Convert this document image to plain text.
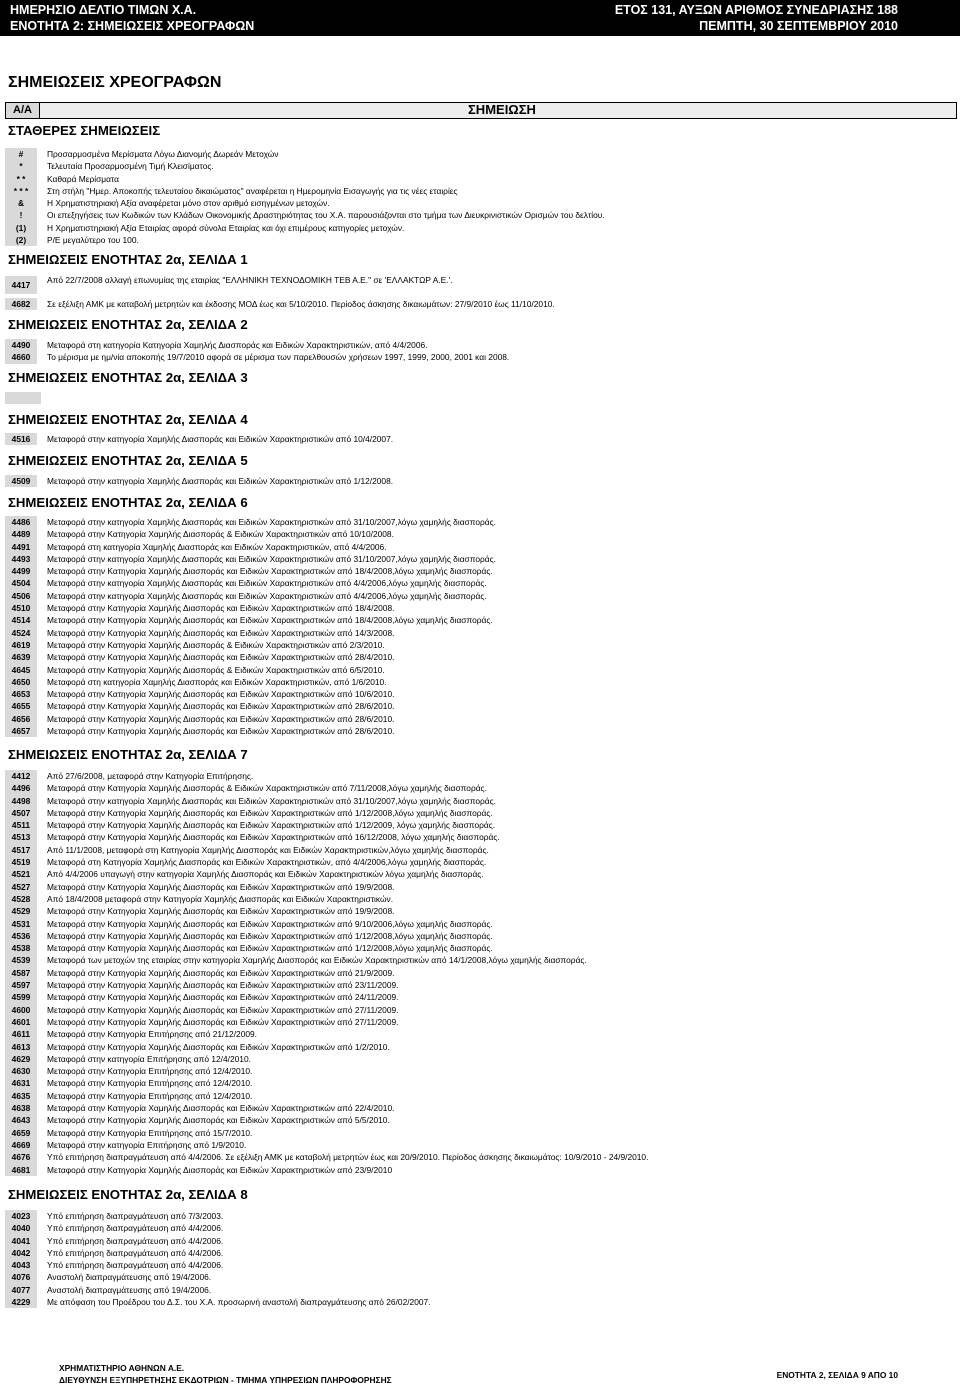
ΗΜΕΡΗΣΙΟ ΔΕΛΤΙΟ ΤΙΜΩΝ Χ.Α.
ΕΝΟΤΗΤΑ 2: ΣΗΜΕΙΩΣΕΙΣ ΧΡΕΟΓΡΑΦΩΝ
ΕΤΟΣ 131, ΑΥΞΩΝ ΑΡΙΘΜΟΣ ΣΥΝΕΔΡΙΑΣΗΣ 188
ΠΕΜΠΤΗ, 30 ΣΕΠΤΕΜΒΡΙΟΥ 2010
ΣΗΜΕΙΩΣΕΙΣ ΧΡΕΟΓΡΑΦΩΝ
Α/Α	ΣΗΜΕΙΩΣΗ
ΣΤΑΘΕΡΕΣ ΣΗΜΕΙΩΣΕΙΣ
#	Προσαρμοσμένα Μερίσματα Λόγω Διανομής Δωρεάν Μετοχών
*	Τελευταία Προσαρμοσμένη Τιμή Κλεισίματος.
* *	Καθαρά Μερίσματα
* * *	Στη στήλη "Ημερ. Αποκοπής τελευταίου δικαιώματος" αναφέρεται η Ημερομηνία Εισαγωγής για τις νέες εταιρίες
&	Η Χρηματιστηριακή Αξία αναφέρεται μόνο στον αριθμό εισηγμένων μετοχών.
!	Οι επεξηγήσεις των Κωδικών των Κλάδων Οικονομικής Δραστηριότητας του Χ.Α. παρουσιάζονται στο τμήμα των Διευκρινιστικών Ορισμών του δελτίου.
(1)	Η Χρηματιστηριακή Αξία Εταιρίας αφορά σύνολα Εταιρίας και όχι επιμέρους κατηγορίες μετοχών.
(2)	Ρ/Ε μεγαλύτερο του 100.
ΣΗΜΕΙΩΣΕΙΣ ΕΝΟΤΗΤΑΣ 2α, ΣΕΛΙΔΑ 1
4417	Από 22/7/2008 αλλαγή επωνυμίας της εταιρίας "ΕΛΛΗΝΙΚΗ ΤΕΧΝΟΔΟΜΙΚΗ ΤΕΒ Α.Ε." σε 'ΕΛΛΑΚΤΩΡ Α.Ε.'.
4682	Σε εξέλιξη ΑΜΚ με καταβολή μετρητών και έκδοσης ΜΟΔ έως και 5/10/2010. Περίοδος άσκησης δικαιωμάτων: 27/9/2010 έως 11/10/2010.
ΣΗΜΕΙΩΣΕΙΣ ΕΝΟΤΗΤΑΣ 2α, ΣΕΛΙΔΑ 2
4490	Μεταφορά στη κατηγορία Κατηγορία Χαμηλής Διασποράς και Ειδικών Χαρακτηριστικών, από 4/4/2006.
4660	Το μέρισμα με ημ/νία αποκοπής 19/7/2010 αφορά σε μέρισμα των παρελθουσών χρήσεων 1997, 1999, 2000, 2001 και 2008.
ΣΗΜΕΙΩΣΕΙΣ ΕΝΟΤΗΤΑΣ 2α, ΣΕΛΙΔΑ 3
ΣΗΜΕΙΩΣΕΙΣ ΕΝΟΤΗΤΑΣ 2α, ΣΕΛΙΔΑ 4
4516	Μεταφορά στην κατηγορία Χαμηλής Διασποράς και Ειδικών Χαρακτηριστικών από 10/4/2007.
ΣΗΜΕΙΩΣΕΙΣ ΕΝΟΤΗΤΑΣ 2α, ΣΕΛΙΔΑ 5
4509	Μεταφορά στην κατηγορία Χαμηλής Διασποράς και Ειδικών Χαρακτηριστικών από 1/12/2008.
ΣΗΜΕΙΩΣΕΙΣ ΕΝΟΤΗΤΑΣ 2α, ΣΕΛΙΔΑ 6
4486	Μεταφορά στην κατηγορία Χαμηλής Διασποράς και Ειδικών Χαρακτηριστικών από 31/10/2007,λόγω χαμηλής διασποράς.
4489	Μεταφορά στην Κατηγορία Χαμηλής Διασποράς & Ειδικών Χαρακτηριστικών από 10/10/2008.
4491	Μεταφορά στη κατηγορία Χαμηλής Διασποράς και Ειδικών Χαρακτηριστικών, από 4/4/2006.
4493	Μεταφορά στην κατηγορία Χαμηλής Διασποράς και Ειδικών Χαρακτηριστικών από 31/10/2007,λόγω χαμηλής διασποράς.
4499	Μεταφορά στην Κατηγορία Χαμηλής Διασποράς και Ειδικών Χαρακτηριστικών από 18/4/2008,λόγω χαμηλής διασποράς.
4504	Μεταφορά στην κατηγορία Χαμηλής Διασποράς και Ειδικών Χαρακτηριστικών από 4/4/2006,λόγω χαμηλής διασποράς.
4506	Μεταφορά στην κατηγορία Χαμηλής Διασποράς και Ειδικών Χαρακτηριστικών από 4/4/2006,λόγω χαμηλής διασποράς.
4510	Μεταφορά στην Κατηγορία Χαμηλής Διασποράς και Ειδικών Χαρακτηριστικών από 18/4/2008.
4514	Μεταφορά στην Κατηγορία Χαμηλής Διασποράς και Ειδικών Χαρακτηριστικών από 18/4/2008,λόγω χαμηλής διασποράς.
4524	Μεταφορά στην Κατηγορία Χαμηλής Διασποράς και Ειδικών Χαρακτηριστικών από 14/3/2008.
4619	Μεταφορά στην Κατηγορία Χαμηλής Διασποράς & Ειδικών Χαρακτηριστικών από 2/3/2010.
4639	Μεταφορά στην Κατηγορία Χαμηλής Διασποράς και Ειδικών Χαρακτηριστικών από 28/4/2010.
4645	Μεταφορά στην Κατηγορία Χαμηλής Διασποράς & Ειδικών Χαρακτηριστικών από 6/5/2010.
4650	Μεταφορά στη κατηγορία Χαμηλής Διασποράς και Ειδικών Χαρακτηριστικών, από 1/6/2010.
4653	Μεταφορά στην Κατηγορία Χαμηλής Διασποράς και Ειδικών Χαρακτηριστικών από 10/6/2010.
4655	Μεταφορά στην Κατηγορία Χαμηλής Διασποράς και Ειδικών Χαρακτηριστικών από 28/6/2010.
4656	Μεταφορά στην Κατηγορία Χαμηλής Διασποράς και Ειδικών Χαρακτηριστικών από 28/6/2010.
4657	Μεταφορά στην Κατηγορία Χαμηλής Διασποράς και Ειδικών Χαρακτηριστικών από 28/6/2010.
ΣΗΜΕΙΩΣΕΙΣ ΕΝΟΤΗΤΑΣ 2α, ΣΕΛΙΔΑ 7
4412	Από 27/6/2008, μεταφορά στην Κατηγορία Επιτήρησης.
4496	Μεταφορά στην Κατηγορία Χαμηλής Διασποράς & Ειδικών Χαρακτηριστικών από 7/11/2008,λόγω χαμηλής διασποράς.
4498	Μεταφορά στην κατηγορία Χαμηλής Διασποράς και Ειδικών Χαρακτηριστικών από 31/10/2007,λόγω χαμηλής διασποράς.
4507	Μεταφορά στην Κατηγορία Χαμηλής Διασποράς και Ειδικών Χαρακτηριστικών από 1/12/2008,λόγω χαμηλής διασποράς.
4511	Μεταφορά στην Κατηγορία Χαμηλής Διασποράς και Ειδικών Χαρακτηριστικών από 1/12/2009, λόγω χαμηλής διασποράς.
4513	Μεταφορά στην Κατηγορία Χαμηλής Διασποράς και Ειδικών Χαρακτηριστικών από 16/12/2008, λόγω χαμηλής διασποράς.
4517	Από 11/1/2008, μεταφορά στη Κατηγορία Χαμηλής Διασποράς και Ειδικών Χαρακτηριστικών,λόγω χαμηλής διασποράς.
4519	Μεταφορά στη Κατηγορία Χαμηλής Διασποράς και Ειδικών Χαρακτηριστικών, από 4/4/2006,λόγω χαμηλής διασποράς.
4521	Από 4/4/2006 υπαγωγή στην κατηγορία Χαμηλής Διασποράς και Ειδικών Χαρακτηριστικών λόγω χαμηλής διασποράς.
4527	Μεταφορά στην Κατηγορία Χαμηλής Διασποράς και Ειδικών Χαρακτηριστικών από 19/9/2008.
4528	Από 18/4/2008 μεταφορά στην Κατηγορία Χαμηλής Διασποράς και Ειδικών Χαρακτηριστικών.
4529	Μεταφορά στην Κατηγορία Χαμηλής Διασποράς και Ειδικών Χαρακτηριστικών από 19/9/2008.
4531	Μεταφορά στην Κατηγορία Χαμηλής Διασποράς και Ειδικών Χαρακτηριστικών από 9/10/2006,λόγω χαμηλής διασποράς.
4536	Μεταφορά στην Κατηγορία Χαμηλής Διασποράς και Ειδικών Χαρακτηριστικών από 1/12/2008,λόγω χαμηλής διασποράς.
4538	Μεταφορά στην Κατηγορία Χαμηλής Διασποράς και Ειδικών Χαρακτηριστικών από 1/12/2008,λόγω χαμηλής διασποράς.
4539	Μεταφορά των μετοχών της εταιρίας στην κατηγορία Χαμηλής Διασποράς και Ειδικών Χαρακτηριστικών από 14/1/2008,λόγω χαμηλής διασποράς.
4587	Μεταφορά στην Κατηγορία Χαμηλής Διασποράς και Ειδικών Χαρακτηριστικών από 21/9/2009.
4597	Μεταφορά στην Κατηγορία Χαμηλής Διασποράς και Ειδικών Χαρακτηριστικών από 23/11/2009.
4599	Μεταφορά στην Κατηγορία Χαμηλής Διασποράς και Ειδικών Χαρακτηριστικών από 24/11/2009.
4600	Μεταφορά στην Κατηγορία Χαμηλής Διασποράς και Ειδικών Χαρακτηριστικών από 27/11/2009.
4601	Μεταφορά στην Κατηγορία Χαμηλής Διασποράς και Ειδικών Χαρακτηριστικών από 27/11/2009.
4611	Μεταφορά στην Κατηγορία Επιτήρησης από 21/12/2009.
4613	Μεταφορά στην Κατηγορία Χαμηλής Διασποράς και Ειδικών Χαρακτηριστικών από 1/2/2010.
4629	Μεταφορά στην κατηγορία Επιτήρησης από 12/4/2010.
4630	Μεταφορά στην Κατηγορία Επιτήρησης από 12/4/2010.
4631	Μεταφορά στην Κατηγορία Επιτήρησης από 12/4/2010.
4635	Μεταφορά στην Κατηγορία Επιτήρησης από 12/4/2010.
4638	Μεταφορά στην Κατηγορία Χαμηλής Διασποράς και Ειδικών Χαρακτηριστικών από 22/4/2010.
4643	Μεταφορά στην Κατηγορία Χαμηλής Διασποράς και Ειδικών Χαρακτηριστικών από 5/5/2010.
4659	Μεταφορά στην Κατηγορία Επιτήρησης από 15/7/2010.
4669	Μεταφορά στην κατηγορία Επιτήρησης από 1/9/2010.
4676	Υπό επιτήρηση διαπραγμάτευση από 4/4/2006. Σε εξέλιξη ΑΜΚ με καταβολή μετρητών έως και 20/9/2010. Περίοδος άσκησης δικαιωμάτος: 10/9/2010 - 24/9/2010.
4681	Μεταφορά στην Κατηγορία Χαμηλής Διασποράς και Ειδικών Χαρακτηριστικών από 23/9/2010
ΣΗΜΕΙΩΣΕΙΣ ΕΝΟΤΗΤΑΣ 2α, ΣΕΛΙΔΑ 8
4023	Υπό επιτήρηση διαπραγμάτευση από 7/3/2003.
4040	Υπό επιτήρηση διαπραγμάτευση από 4/4/2006.
4041	Υπό επιτήρηση διαπραγμάτευση από 4/4/2006.
4042	Υπό επιτήρηση διαπραγμάτευση από 4/4/2006.
4043	Υπό επιτήρηση διαπραγμάτευση από 4/4/2006.
4076	Αναστολή διαπραγμάτευσης από 19/4/2006.
4077	Αναστολή διαπραγμάτευσης από 19/4/2006.
4229	Με απόφαση του Προέδρου του Δ.Σ. του Χ.Α. προσωρινή αναστολή διαπραγμάτευσης από 26/02/2007.
ΧΡΗΜΑΤΙΣΤΗΡΙΟ ΑΘΗΝΩΝ Α.Ε.
ΔΙΕΥΘΥΝΣΗ ΕΞΥΠΗΡΕΤΗΣΗΣ ΕΚΔΟΤΡΙΩΝ - ΤΜΗΜΑ ΥΠΗΡΕΣΙΩΝ ΠΛΗΡΟΦΟΡΗΣΗΣ	ΕΝΟΤΗΤΑ 2, ΣΕΛΙΔΑ 9 ΑΠΟ 10
